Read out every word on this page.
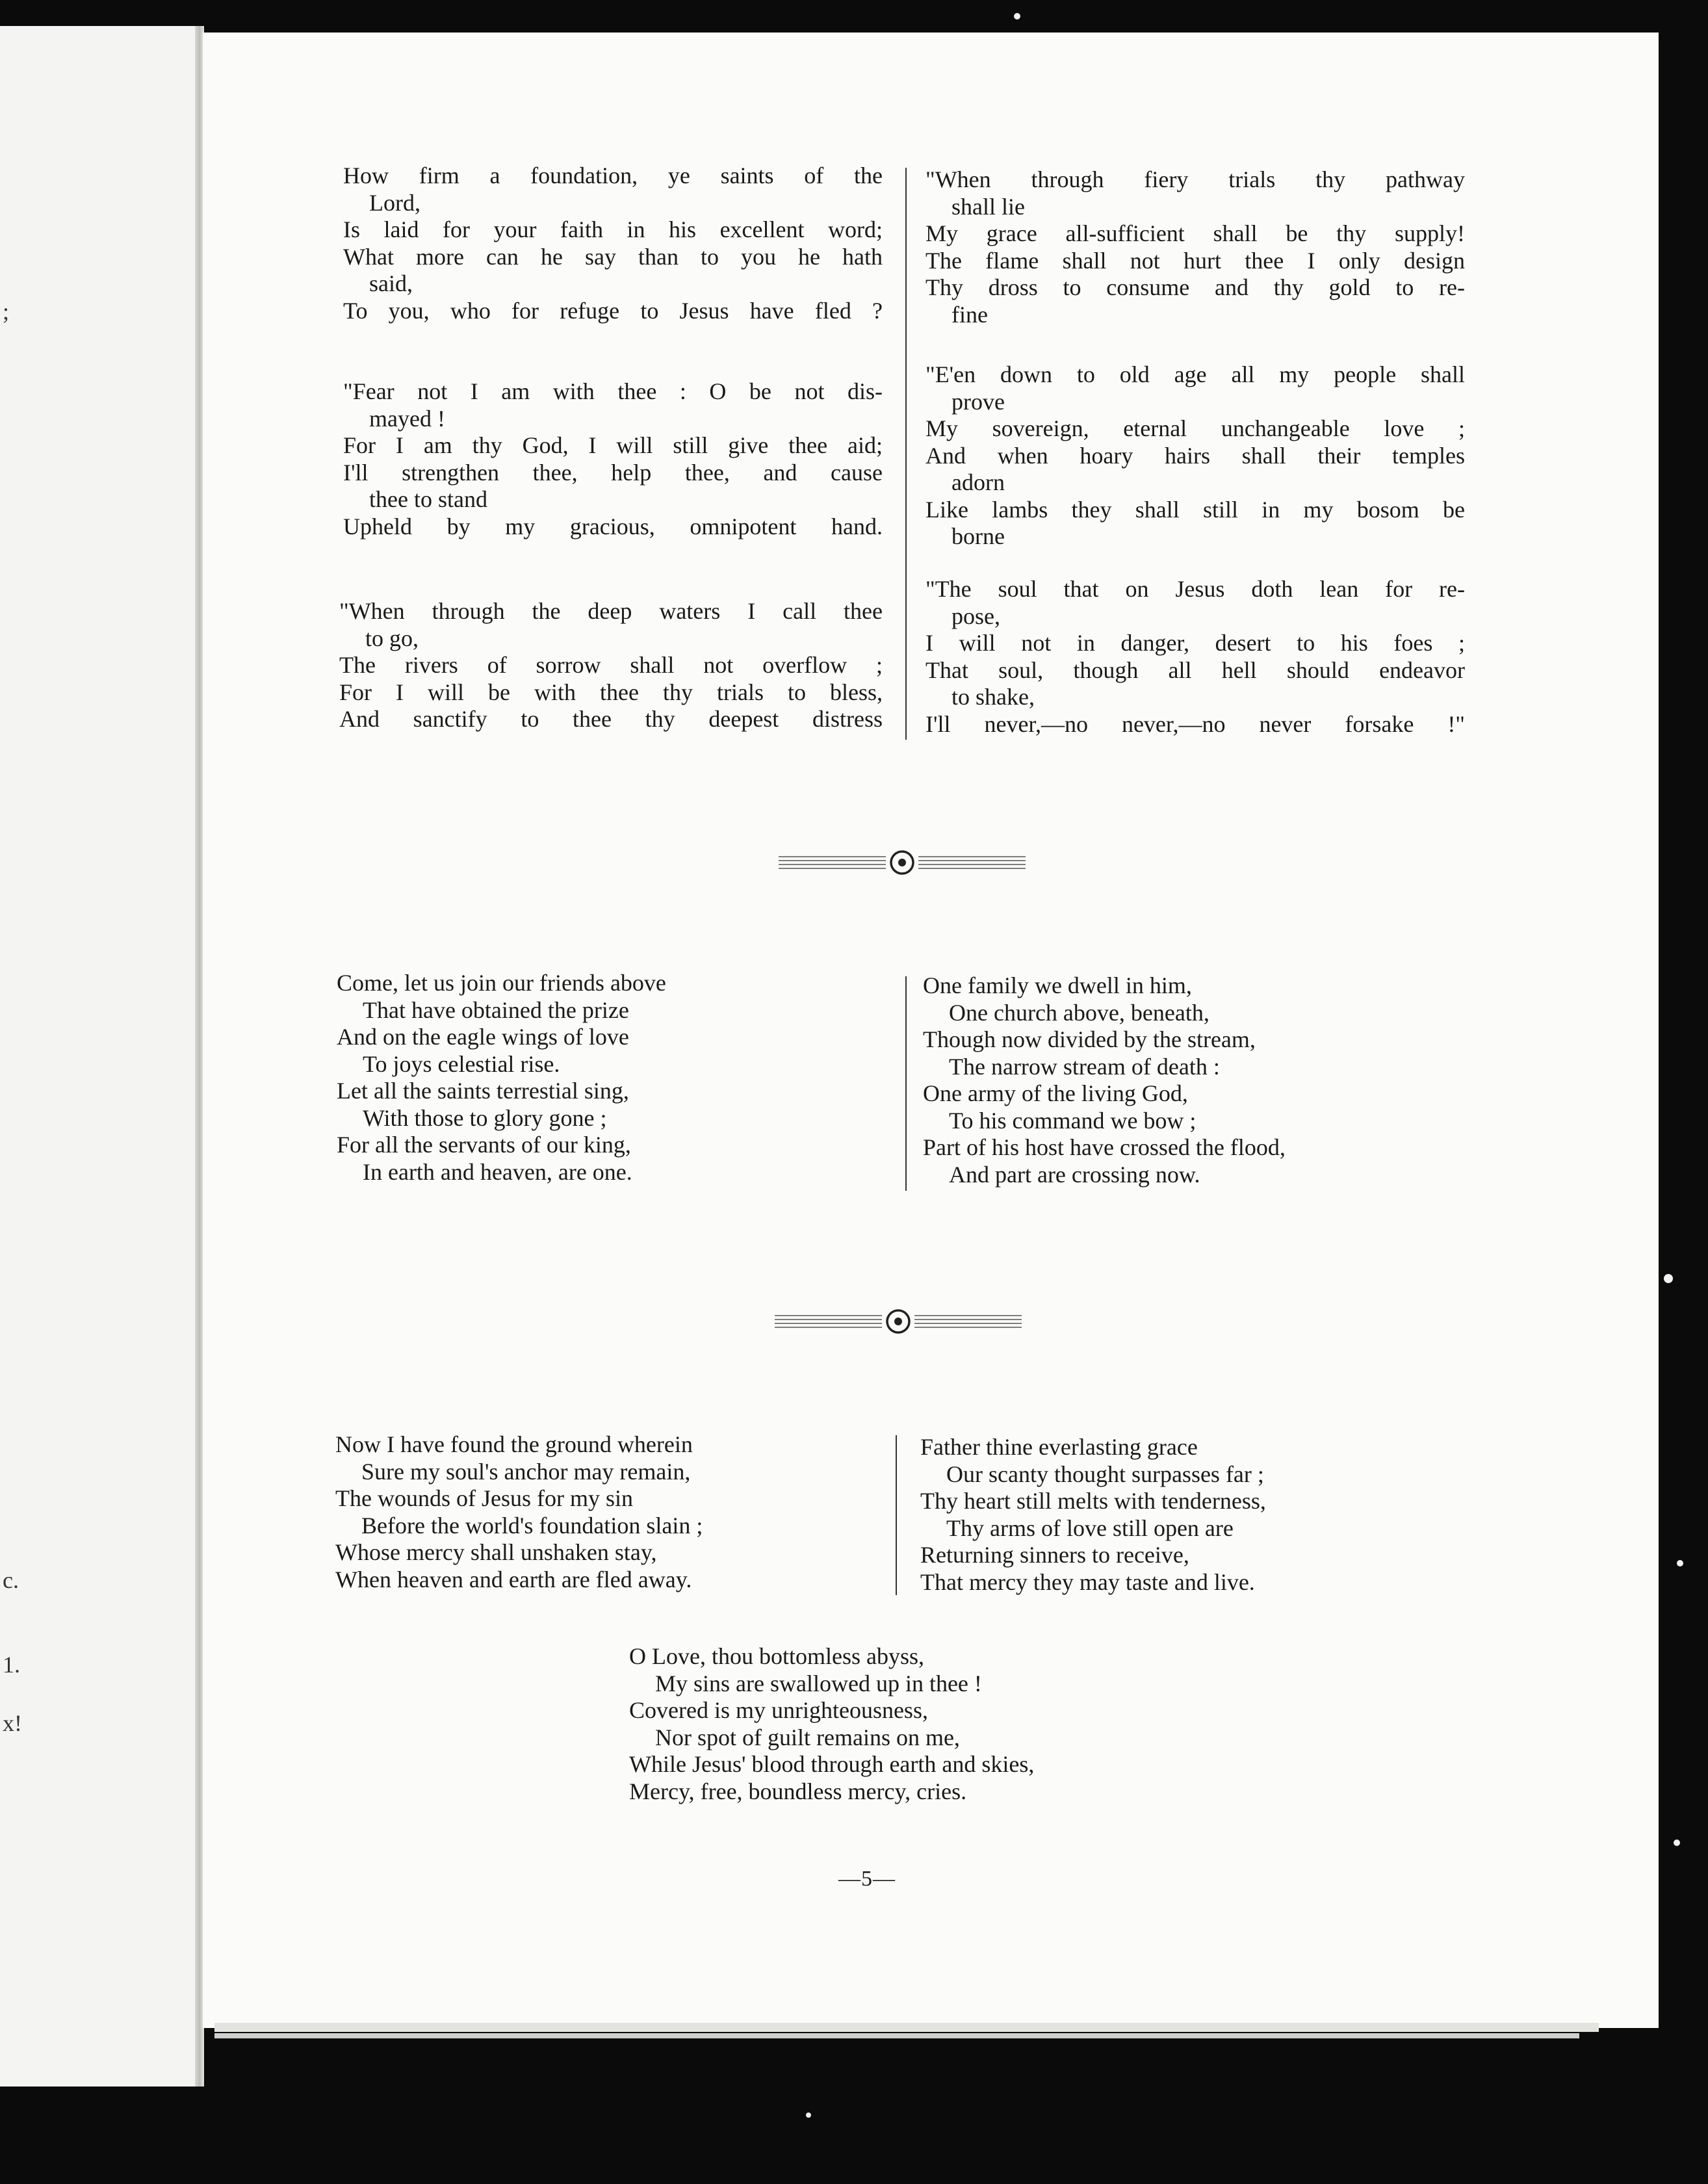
;
c.
1.
x!
How firm a foundation, ye saints of the
Lord,
Is laid for your faith in his excellent word;
What more can he say than to you he hath
said,
To you, who for refuge to Jesus have fled ?
"Fear not I am with thee : O be not dis-
mayed !
For I am thy God, I will still give thee aid;
I'll strengthen thee, help thee, and cause
thee to stand
Upheld by my gracious, omnipotent hand.
"When through the deep waters I call thee
to go,
The rivers of sorrow shall not overflow ;
For I will be with thee thy trials to bless,
And sanctify to thee thy deepest distress
"When through fiery trials thy pathway
shall lie
My grace all-sufficient shall be thy supply!
The flame shall not hurt thee I only design
Thy dross to consume and thy gold to re-
fine
"E'en down to old age all my people shall
prove
My sovereign, eternal unchangeable love ;
And when hoary hairs shall their temples
adorn
Like lambs they shall still in my bosom be
borne
"The soul that on Jesus doth lean for re-
pose,
I will not in danger, desert to his foes ;
That soul, though all hell should endeavor
to shake,
I'll never,—no never,—no never forsake !"
Come, let us join our friends above
That have obtained the prize
And on the eagle wings of love
To joys celestial rise.
Let all the saints terrestial sing,
With those to glory gone ;
For all the servants of our king,
In earth and heaven, are one.
One family we dwell in him,
One church above, beneath,
Though now divided by the stream,
The narrow stream of death :
One army of the living God,
To his command we bow ;
Part of his host have crossed the flood,
And part are crossing now.
Now I have found the ground wherein
Sure my soul's anchor may remain,
The wounds of Jesus for my sin
Before the world's foundation slain ;
Whose mercy shall unshaken stay,
When heaven and earth are fled away.
Father thine everlasting grace
Our scanty thought surpasses far ;
Thy heart still melts with tenderness,
Thy arms of love still open are
Returning sinners to receive,
That mercy they may taste and live.
O Love, thou bottomless abyss,
My sins are swallowed up in thee !
Covered is my unrighteousness,
Nor spot of guilt remains on me,
While Jesus' blood through earth and skies,
Mercy, free, boundless mercy, cries.
—5—
